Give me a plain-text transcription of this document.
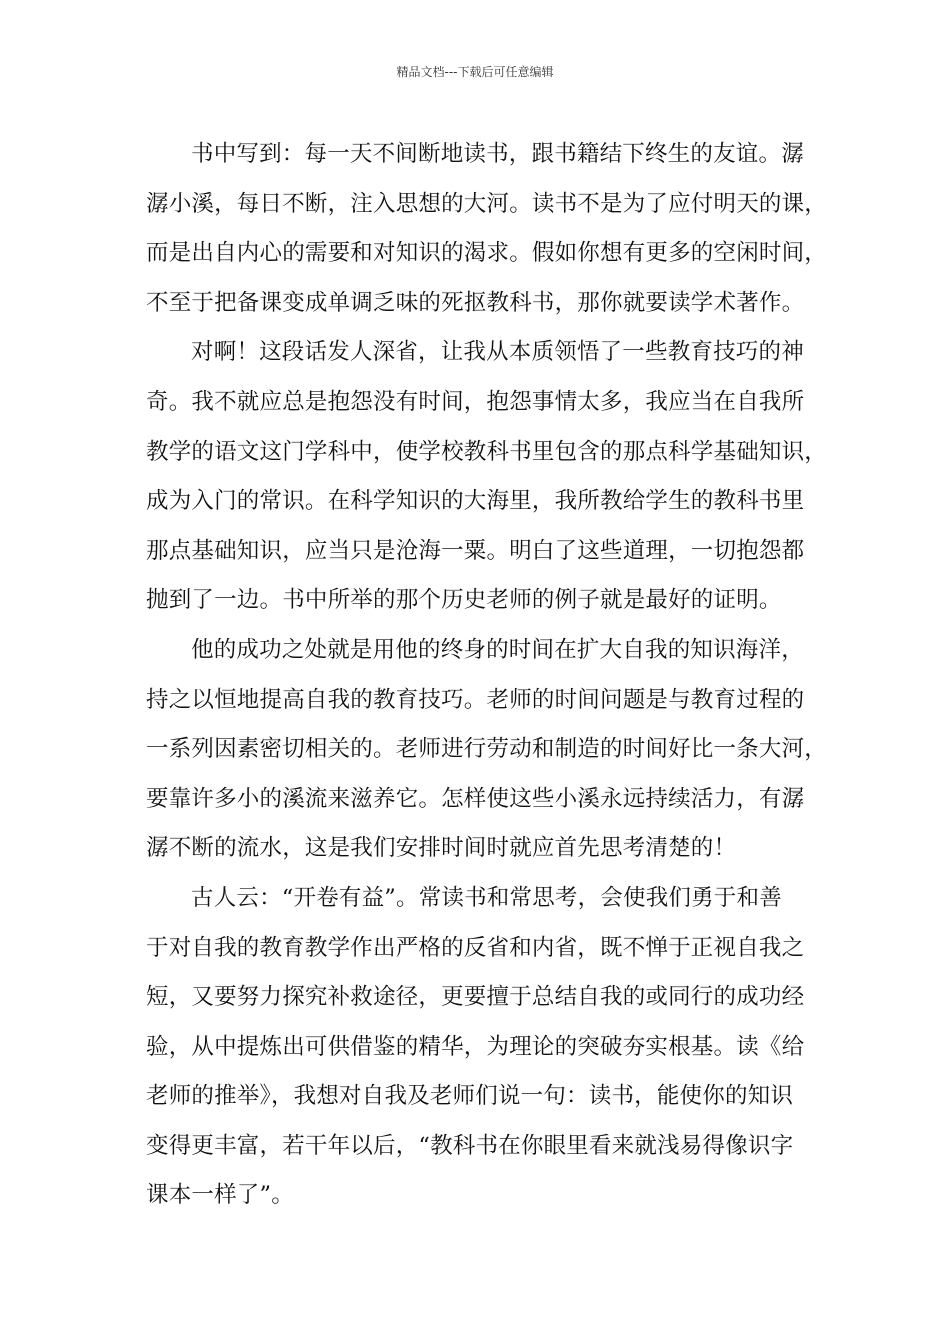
精品文档---下载后可任意编辑
书中写到：每一天不间断地读书，跟书籍结下终生的友谊。潺
潺小溪，每日不断，注入思想的大河。读书不是为了应付明天的课，
而是出自内心的需要和对知识的渴求。假如你想有更多的空闲时间，
不至于把备课变成单调乏味的死抠教科书，那你就要读学术著作。
对啊！这段话发人深省，让我从本质领悟了一些教育技巧的神
奇。我不就应总是抱怨没有时间，抱怨事情太多，我应当在自我所
教学的语文这门学科中，使学校教科书里包含的那点科学基础知识，
成为入门的常识。在科学知识的大海里，我所教给学生的教科书里
那点基础知识，应当只是沧海一粟。明白了这些道理，一切抱怨都
抛到了一边。书中所举的那个历史老师的例子就是最好的证明。
他的成功之处就是用他的终身的时间在扩大自我的知识海洋，
持之以恒地提高自我的教育技巧。老师的时间问题是与教育过程的
一系列因素密切相关的。老师进行劳动和制造的时间好比一条大河，
要靠许多小的溪流来滋养它。怎样使这些小溪永远持续活力，有潺
潺不断的流水，这是我们安排时间时就应首先思考清楚的！
古人云：“开卷有益”。常读书和常思考，会使我们勇于和善
于对自我的教育教学作出严格的反省和内省，既不惮于正视自我之
短，又要努力探究补救途径，更要擅于总结自我的或同行的成功经
验，从中提炼出可供借鉴的精华，为理论的突破夯实根基。读《给
老师的推举》，我想对自我及老师们说一句：读书，能使你的知识
变得更丰富，若干年以后，“教科书在你眼里看来就浅易得像识字
课本一样了”。
